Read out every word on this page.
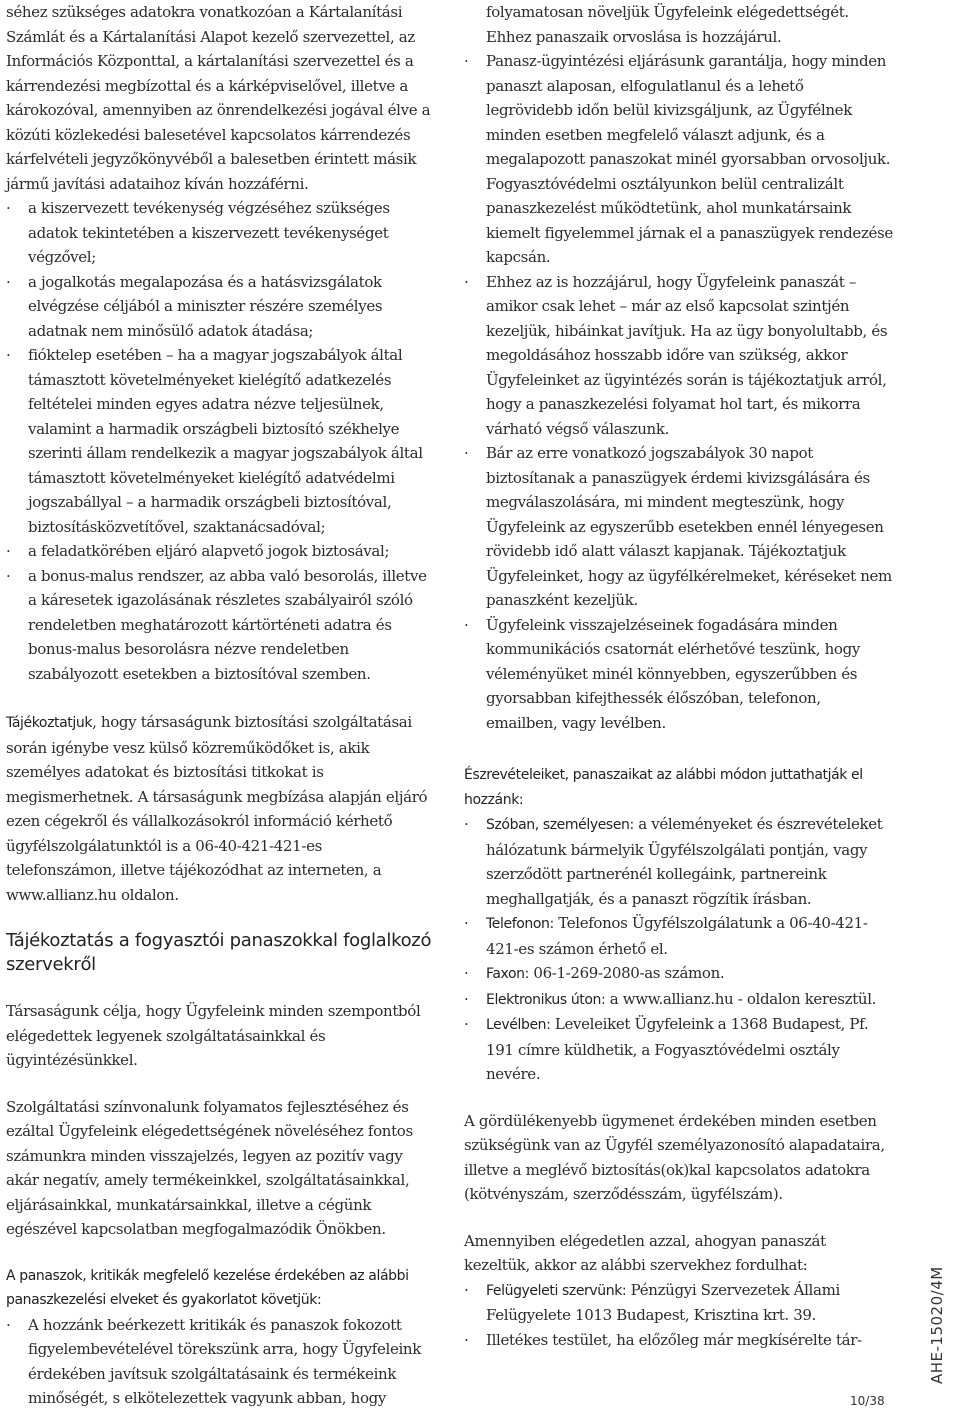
séhez szükséges adatokra vonatkozóan a Kártalanítási Számlát és a Kártalanítási Alapot kezelő szervezettel, az Információs Központtal, a kártalanítási szervezettel és a kárrendezési megbízottal és a kárképviselővel, illetve a károkozóval, amennyiben az önrendelkezési jogával élve a közúti közlekedési balesetével kapcsolatos kárrendezés kárfelvételi jegyzőkönyvéből a balesetben érintett másik jármű javítási adataihoz kíván hozzáférni.

· a kiszervezett tevékenység végzéséhez szükséges adatok tekintetében a kiszervezett tevékenységet végzővel;

· a jogalkotás megalapozása és a hatásvizsgálatok elvégzése céljából a miniszter részére személyes adatnak nem minősülő adatok átadása;

· fióktelep esetében – ha a magyar jogszabályok által támasztott követelményeket kielégítő adatkezelés feltételei minden egyes adatra nézve teljesülnek, valamint a harmadik országbeli biztosító székhelye szerinti állam rendelkezik a magyar jogszabályok által támasztott követelményeket kielégítő adatvédelmi jogszabállyal – a harmadik országbeli biztosítóval, biztosításközvetítővel, szaktanácsadóval;

· a feladatkörében eljáró alapvető jogok biztosával;

· a bonus-malus rendszer, az abba való besorolás, illetve a káresetek igazolásának részletes szabályairól szóló rendeletben meghatározott kártörténeti adatra és bonus-malus besorolásra nézve rendeletben szabályozott esetekben a biztosítóval szemben.

Tájékoztatjuk, hogy társaságunk biztosítási szolgáltatásai során igénybe vesz külső közreműködőket is, akik személyes adatokat és biztosítási titkokat is megismerhetnek. A társaságunk megbízása alapján eljáró ezen cégekről és vállalkozásokról információ kérhető ügyfélszolgálatunktól is a 06-40-421-421-es telefonszámon, illetve tájékozódhat az interneten, a www.allianz.hu oldalon.

Tájékoztatás a fogyasztói panaszokkal foglalkozó szervekről

Társaságunk célja, hogy Ügyfeleink minden szempontból elégedettek legyenek szolgáltatásainkkal és ügyintézésünkkel.

Szolgáltatási színvonalunk folyamatos fejlesztéséhez és ezáltal Ügyfeleink elégedettségének növeléséhez fontos számunkra minden visszajelzés, legyen az pozitív vagy akár negatív, amely termékeinkkel, szolgáltatásainkkal, eljárásainkkal, munkatársainkkal, illetve a cégünk egészével kapcsolatban megfogalmazódik Önökben.

A panaszok, kritikák megfelelő kezelése érdekében az alábbi panaszkezelési elveket és gyakorlatot követjük:

· A hozzánk beérkezett kritikák és panaszok fokozott figyelembevételével törekszünk arra, hogy Ügyfeleink érdekében javítsuk szolgáltatásaink és termékeink minőségét, s elkötelezettek vagyunk abban, hogy

folyamatosan növeljük Ügyfeleink elégedettségét. Ehhez panaszaik orvoslása is hozzájárul.

· Panasz-ügyintézési eljárásunk garantálja, hogy minden panaszt alaposan, elfogulatlanul és a lehető legrövidebb időn belül kivizsgáljunk, az Ügyfélnek minden esetben megfelelő választ adjunk, és a megalapozott panaszokat minél gyorsabban orvosoljuk. Fogyasztóvédelmi osztályunkon belül centralizált panaszkezelést működtetünk, ahol munkatársaink kiemelt figyelemmel járnak el a panaszügyek rendezése kapcsán.

· Ehhez az is hozzájárul, hogy Ügyfeleink panaszát – amikor csak lehet – már az első kapcsolat szintjén kezeljük, hibáinkat javítjuk. Ha az ügy bonyolultabb, és megoldásához hosszabb időre van szükség, akkor Ügyfeleinket az ügyintézés során is tájékoztatjuk arról, hogy a panaszkezelési folyamat hol tart, és mikorra várható végső válaszunk.

· Bár az erre vonatkozó jogszabályok 30 napot biztosítanak a panaszügyek érdemi kivizsgálására és megválaszolására, mi mindent megteszünk, hogy Ügyfeleink az egyszerűbb esetekben ennél lényegesen rövidebb idő alatt választ kapjanak. Tájékoztatjuk Ügyfeleinket, hogy az ügyfélkérelmeket, kéréseket nem panaszként kezeljük.

· Ügyfeleink visszajelzéseinek fogadására minden kommunikációs csatornát elérhetővé teszünk, hogy véleményüket minél könnyebben, egyszerűbben és gyorsabban kifejthessék élőszóban, telefonon, emailben, vagy levélben.

Észrevételeiket, panaszaikat az alábbi módon juttathatják el hozzánk:

· Szóban, személyesen: a véleményeket és észrevételeket hálózatunk bármelyik Ügyfélszolgálati pontján, vagy szerződött partnerénél kollegáink, partnereink meghallgatják, és a panaszt rögzítik írásban.

· Telefonon: Telefonos Ügyfélszolgálatunk a 06-40-421-421-es számon érhető el.

· Faxon: 06-1-269-2080-as számon.

· Elektronikus úton: a www.allianz.hu - oldalon keresztül.

· Levélben: Leveleiket Ügyfeleink a 1368 Budapest, Pf. 191 címre küldhetik, a Fogyasztóvédelmi osztály nevére.

A gördülékenyebb ügymenet érdekében minden esetben szükségünk van az Ügyfél személyazonosító alapadataira, illetve a meglévő biztosítás(ok)kal kapcsolatos adatokra (kötvényszám, szerződésszám, ügyfélszám).

Amennyiben elégedetlen azzal, ahogyan panaszát kezeltük, akkor az alábbi szervekhez fordulhat:

· Felügyeleti szervünk: Pénzügyi Szervezetek Állami Felügyelete 1013 Budapest, Krisztina krt. 39.

· Illetékes testület, ha előzőleg már megkísérelte tár-	AHE-15020/4M
10/38
